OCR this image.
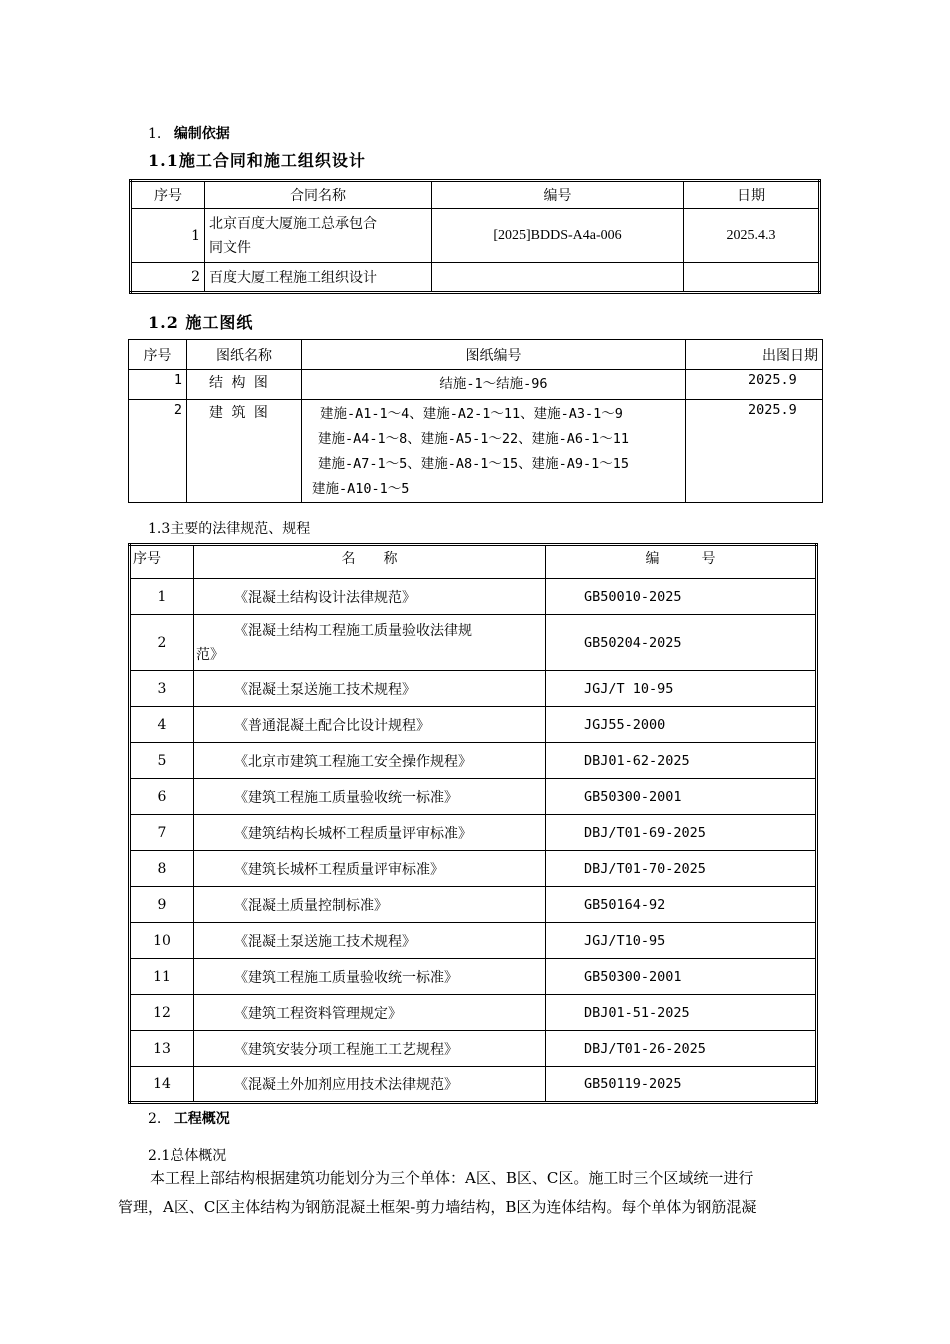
1. 编制依据
1.1施工合同和施工组织设计
序号	合同名称	编号	日期
1	北京百度大厦施工总承包合
同文件	[2025]BDDS-A4a-006	2025.4.3
2	百度大厦工程施工组织设计		
1.2 施工图纸
序号	图纸名称	图纸编号	出图日期
1	结 构 图	结施-1～结施-96	2025.9
2	建 筑 图	建施-A1-1～4、建施-A2-1～11、建施-A3-1～9
建施-A4-1～8、建施-A5-1～22、建施-A6-1～11
建施-A7-1～5、建施-A8-1～15、建施-A9-1～15
建施-A10-1～5	2025.9
1.3主要的法律规范、规程
序号	名　　称	编　　　号
1	《混凝土结构设计法律规范》	GB50010-2025
2	《混凝土结构工程施工质量验收法律规
范》	GB50204-2025
3	《混凝土泵送施工技术规程》	JGJ/T 10-95
4	《普通混凝土配合比设计规程》	JGJ55-2000
5	《北京市建筑工程施工安全操作规程》	DBJ01-62-2025
6	《建筑工程施工质量验收统一标准》	GB50300-2001
7	《建筑结构长城杯工程质量评审标准》	DBJ/T01-69-2025
8	《建筑长城杯工程质量评审标准》	DBJ/T01-70-2025
9	《混凝土质量控制标准》	GB50164-92
10	《混凝土泵送施工技术规程》	JGJ/T10-95
11	《建筑工程施工质量验收统一标准》	GB50300-2001
12	《建筑工程资料管理规定》	DBJ01-51-2025
13	《建筑安装分项工程施工工艺规程》	DBJ/T01-26-2025
14	《混凝土外加剂应用技术法律规范》	GB50119-2025
2. 工程概况
2.1总体概况
本工程上部结构根据建筑功能划分为三个单体：A区、B区、C区。施工时三个区域统一进行
管理，A区、C区主体结构为钢筋混凝土框架-剪力墙结构，B区为连体结构。每个单体为钢筋混凝
